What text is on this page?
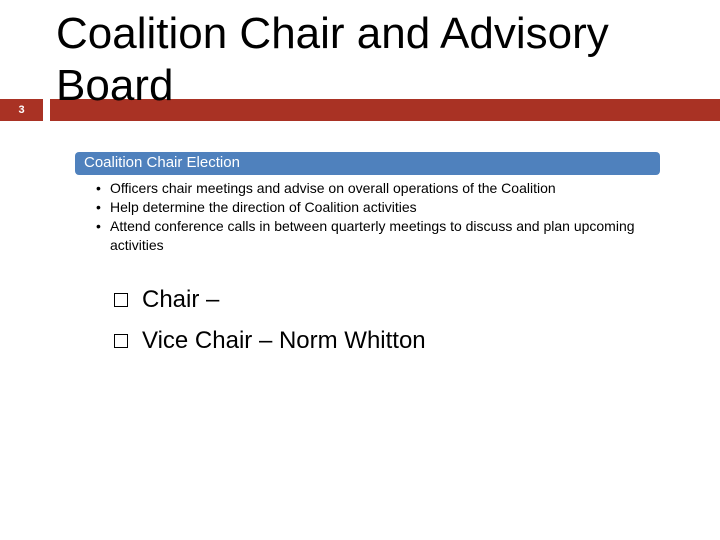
3
Coalition Chair and Advisory Board
Coalition Chair Election
• Officers chair meetings and advise on overall operations of the Coalition
• Help determine the direction of Coalition activities
• Attend conference calls in between quarterly meetings to discuss and plan upcoming activities
Chair –
Vice Chair – Norm Whitton
